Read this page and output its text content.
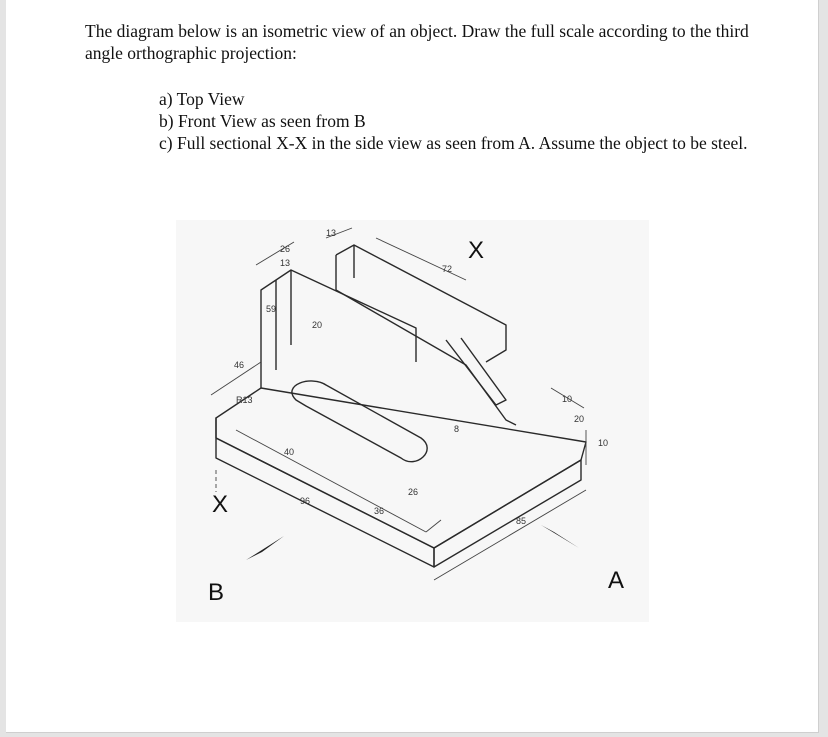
The diagram below is an isometric view of an object. Draw the full scale according to the third angle orthographic projection:

a) Top View
b) Front View as seen from B
c) Full sectional X-X in the side view as seen from A. Assume the object to be steel.
26
13
13
72
59
20
46
R13
40
96
36
26
8
10
20
10
85
X
X
B	A
